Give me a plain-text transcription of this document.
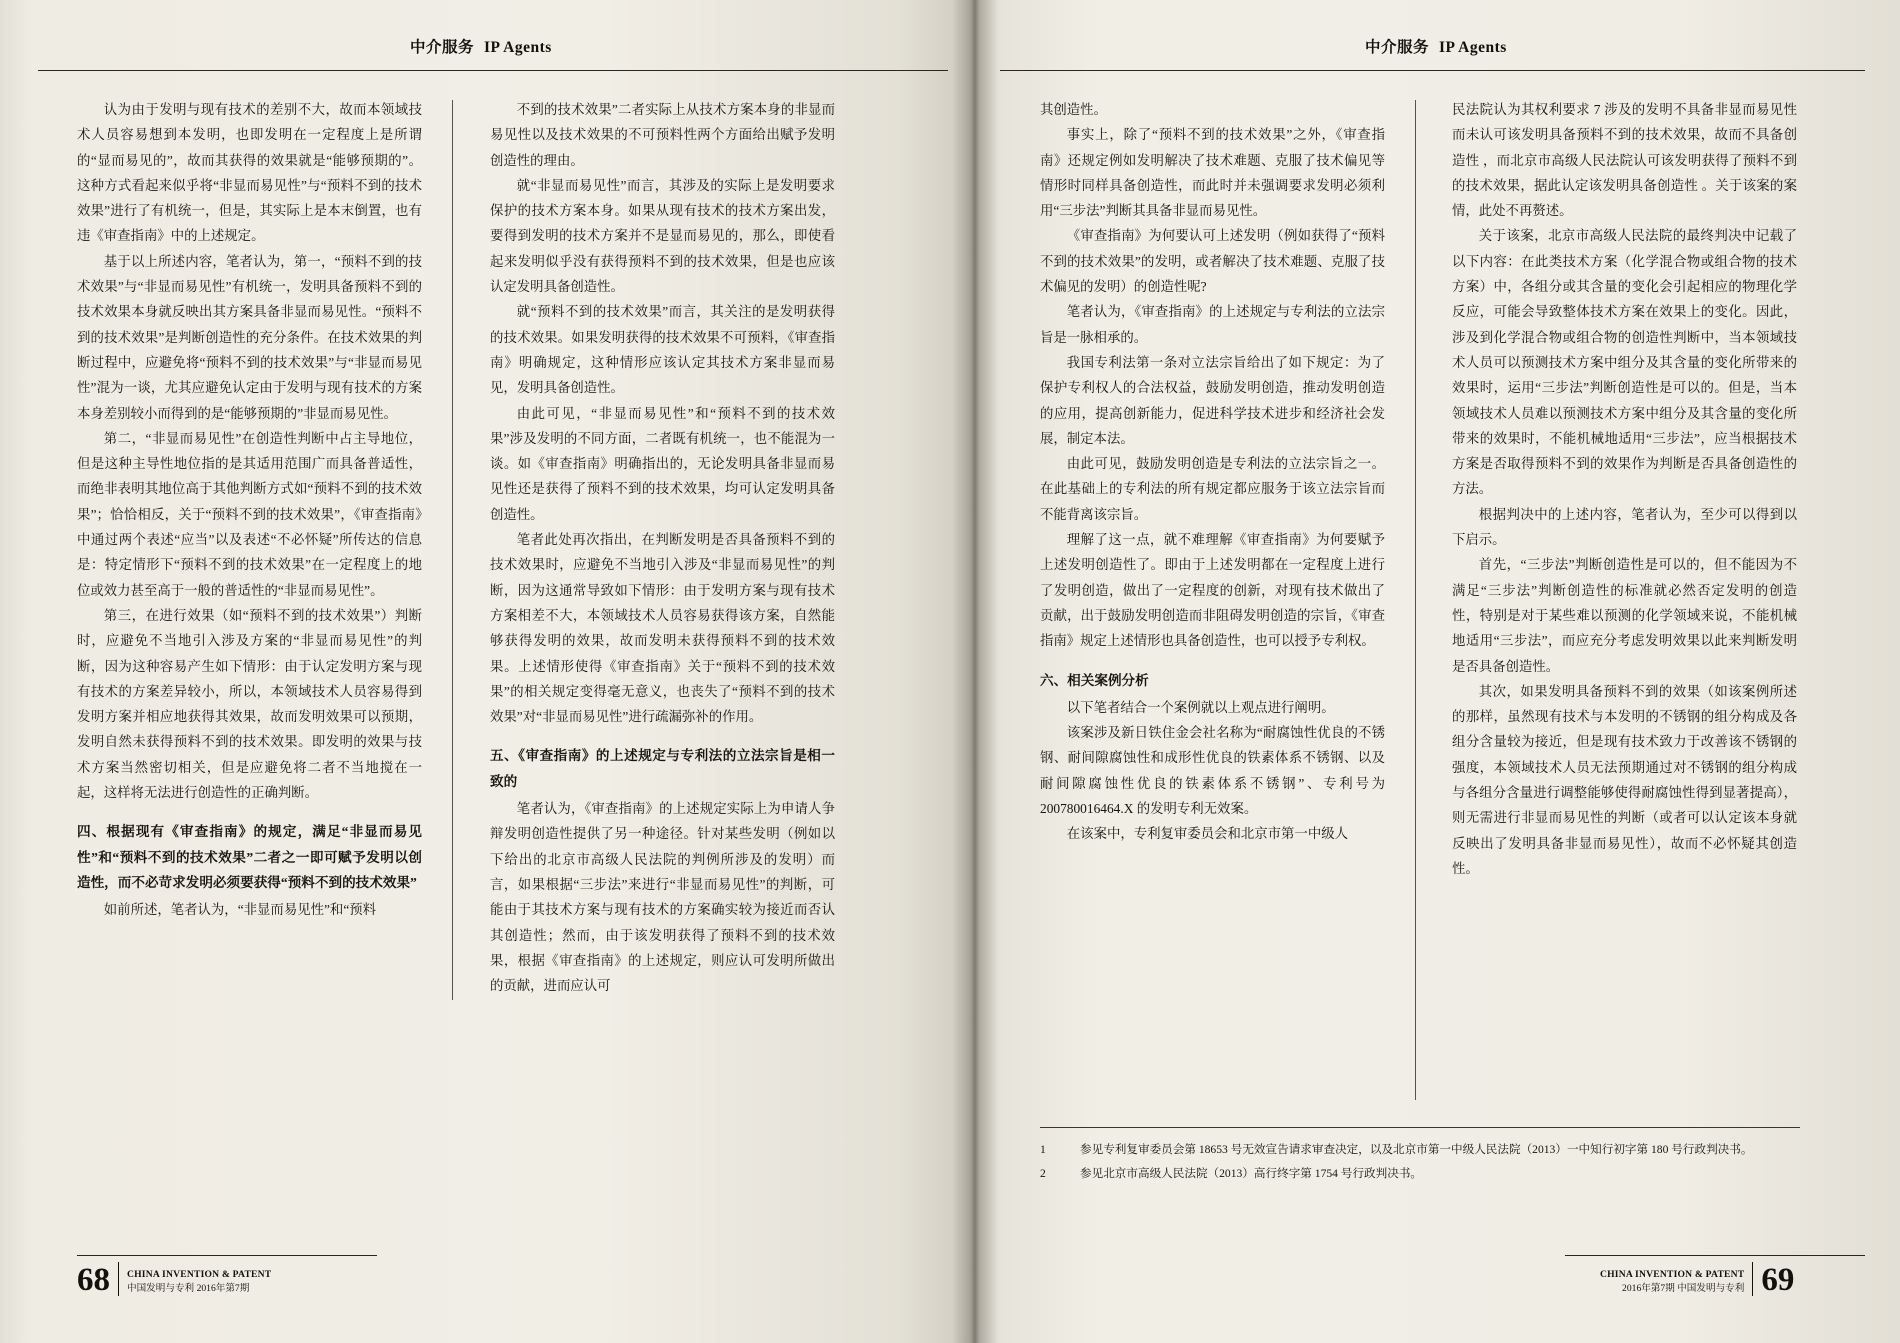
中介服务 IP Agents	中介服务 IP Agents

认为由于发明与现有技术的差别不大，故而本领域技术人员容易想到本发明，也即发明在一定程度上是所谓的“显而易见的”，故而其获得的效果就是“能够预期的”。这种方式看起来似乎将“非显而易见性”与“预料不到的技术效果”进行了有机统一，但是，其实际上是本末倒置，也有违《审查指南》中的上述规定。

基于以上所述内容，笔者认为，第一，“预料不到的技术效果”与“非显而易见性”有机统一，发明具备预料不到的技术效果本身就反映出其方案具备非显而易见性。“预料不到的技术效果”是判断创造性的充分条件。在技术效果的判断过程中，应避免将“预料不到的技术效果”与“非显而易见性”混为一谈，尤其应避免认定由于发明与现有技术的方案本身差别较小而得到的是“能够预期的”非显而易见性。

第二，“非显而易见性”在创造性判断中占主导地位，但是这种主导性地位指的是其适用范围广而具备普适性，而绝非表明其地位高于其他判断方式如“预料不到的技术效果”；恰恰相反，关于“预料不到的技术效果”，《审查指南》中通过两个表述“应当”以及表述“不必怀疑”所传达的信息是：特定情形下“预料不到的技术效果”在一定程度上的地位或效力甚至高于一般的普适性的“非显而易见性”。

第三，在进行效果（如“预料不到的技术效果”）判断时，应避免不当地引入涉及方案的“非显而易见性”的判断，因为这种容易产生如下情形：由于认定发明方案与现有技术的方案差异较小，所以，本领域技术人员容易得到发明方案并相应地获得其效果，故而发明效果可以预期，发明自然未获得预料不到的技术效果。即发明的效果与技术方案当然密切相关，但是应避免将二者不当地搅在一起，这样将无法进行创造性的正确判断。

四、根据现有《审查指南》的规定，满足“非显而易见性”和“预料不到的技术效果”二者之一即可赋予发明以创造性，而不必苛求发明必须要获得“预料不到的技术效果”

如前所述，笔者认为，“非显而易见性”和“预料

不到的技术效果”二者实际上从技术方案本身的非显而易见性以及技术效果的不可预料性两个方面给出赋予发明创造性的理由。

就“非显而易见性”而言，其涉及的实际上是发明要求保护的技术方案本身。如果从现有技术的技术方案出发，要得到发明的技术方案并不是显而易见的，那么，即使看起来发明似乎没有获得预料不到的技术效果，但是也应该认定发明具备创造性。

就“预料不到的技术效果”而言，其关注的是发明获得的技术效果。如果发明获得的技术效果不可预料，《审查指南》明确规定，这种情形应该认定其技术方案非显而易见，发明具备创造性。

由此可见，“非显而易见性”和“预料不到的技术效果”涉及发明的不同方面，二者既有机统一，也不能混为一谈。如《审查指南》明确指出的，无论发明具备非显而易见性还是获得了预料不到的技术效果，均可认定发明具备创造性。

笔者此处再次指出，在判断发明是否具备预料不到的技术效果时，应避免不当地引入涉及“非显而易见性”的判断，因为这通常导致如下情形：由于发明方案与现有技术方案相差不大，本领域技术人员容易获得该方案，自然能够获得发明的效果，故而发明未获得预料不到的技术效果。上述情形使得《审查指南》关于“预料不到的技术效果”的相关规定变得毫无意义，也丧失了“预料不到的技术效果”对“非显而易见性”进行疏漏弥补的作用。

五、《审查指南》的上述规定与专利法的立法宗旨是相一致的

笔者认为，《审查指南》的上述规定实际上为申请人争辩发明创造性提供了另一种途径。针对某些发明（例如以下给出的北京市高级人民法院的判例所涉及的发明）而言，如果根据“三步法”来进行“非显而易见性”的判断，可能由于其技术方案与现有技术的方案确实较为接近而否认其创造性；然而，由于该发明获得了预料不到的技术效果，根据《审查指南》的上述规定，则应认可发明所做出的贡献，进而应认可

其创造性。

事实上，除了“预料不到的技术效果”之外，《审查指南》还规定例如发明解决了技术难题、克服了技术偏见等情形时同样具备创造性，而此时并未强调要求发明必须利用“三步法”判断其具备非显而易见性。

《审查指南》为何要认可上述发明（例如获得了“预料不到的技术效果”的发明，或者解决了技术难题、克服了技术偏见的发明）的创造性呢?

笔者认为，《审查指南》的上述规定与专利法的立法宗旨是一脉相承的。

我国专利法第一条对立法宗旨给出了如下规定：为了保护专利权人的合法权益，鼓励发明创造，推动发明创造的应用，提高创新能力，促进科学技术进步和经济社会发展，制定本法。

由此可见，鼓励发明创造是专利法的立法宗旨之一。在此基础上的专利法的所有规定都应服务于该立法宗旨而不能背离该宗旨。

理解了这一点，就不难理解《审查指南》为何要赋予上述发明创造性了。即由于上述发明都在一定程度上进行了发明创造，做出了一定程度的创新，对现有技术做出了贡献，出于鼓励发明创造而非阻碍发明创造的宗旨，《审查指南》规定上述情形也具备创造性，也可以授予专利权。

六、相关案例分析

以下笔者结合一个案例就以上观点进行阐明。

该案涉及新日铁住金会社名称为“耐腐蚀性优良的不锈钢、耐间隙腐蚀性和成形性优良的铁素体系不锈钢、以及耐间隙腐蚀性优良的铁素体系不锈钢”、专利号为200780016464.X 的发明专利无效案。

在该案中，专利复审委员会和北京市第一中级人

民法院认为其权利要求 7 涉及的发明不具备非显而易见性而未认可该发明具备预料不到的技术效果，故而不具备创造性 ，而北京市高级人民法院认可该发明获得了预料不到的技术效果，据此认定该发明具备创造性 。关于该案的案情，此处不再赘述。

关于该案，北京市高级人民法院的最终判决中记载了以下内容：在此类技术方案（化学混合物或组合物的技术方案）中，各组分或其含量的变化会引起相应的物理化学反应，可能会导致整体技术方案在效果上的变化。因此，涉及到化学混合物或组合物的创造性判断中，当本领域技术人员可以预测技术方案中组分及其含量的变化所带来的效果时，运用“三步法”判断创造性是可以的。但是，当本领域技术人员难以预测技术方案中组分及其含量的变化所带来的效果时，不能机械地适用“三步法”，应当根据技术方案是否取得预料不到的效果作为判断是否具备创造性的方法。

根据判决中的上述内容，笔者认为，至少可以得到以下启示。

首先，“三步法”判断创造性是可以的，但不能因为不满足“三步法”判断创造性的标准就必然否定发明的创造性，特别是对于某些难以预测的化学领域来说，不能机械地适用“三步法”，而应充分考虑发明效果以此来判断发明是否具备创造性。

其次，如果发明具备预料不到的效果（如该案例所述的那样，虽然现有技术与本发明的不锈钢的组分构成及各组分含量较为接近，但是现有技术致力于改善该不锈钢的强度，本领域技术人员无法预期通过对不锈钢的组分构成与各组分含量进行调整能够使得耐腐蚀性得到显著提高），则无需进行非显而易见性的判断（或者可以认定该本身就反映出了发明具备非显而易见性），故而不必怀疑其创造性。

1	参见专利复审委员会第 18653 号无效宣告请求审查决定，以及北京市第一中级人民法院（2013）一中知行初字第 180 号行政判决书。
2	参见北京市高级人民法院（2013）高行终字第 1754 号行政判决书。
68 CHINA INVENTION & PATENT
中国发明与专利 2016年第7期
CHINA INVENTION & PATENT
2016年第7期 中国发明与专利 69
